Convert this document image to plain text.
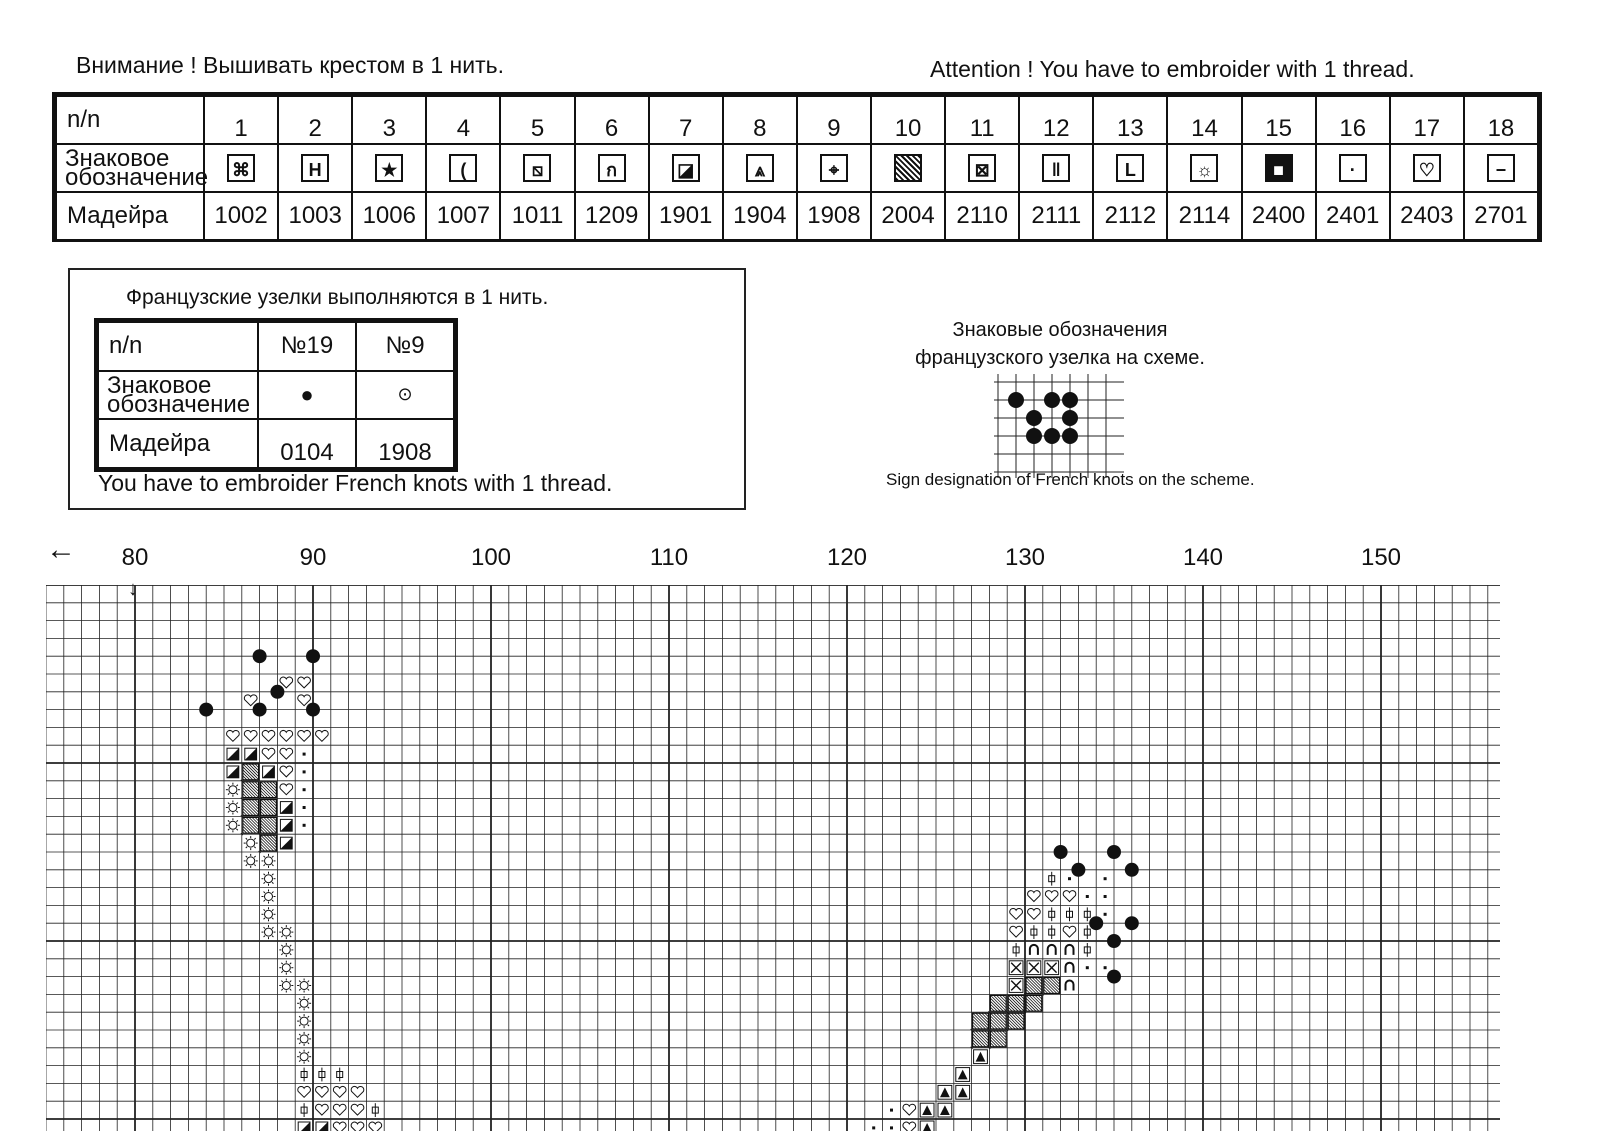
Внимание ! Вышивать крестом в 1 нить.	Attention ! You have to embroider with 1 thread.
n/n	1	2	3	4	5	6	7	8	9	10	11	12	13	14	15	16	17	18
Знаковое обозначение	⌘	H	★	(	⧅	ก	◪	⩓	⌖		⊠	‖	L	☼	■	·	♡	−
Мадейра	1002	1003	1006	1007	1011	1209	1901	1904	1908	2004	2110	2111	2112	2114	2400	2401	2403	2701
Французские узелки выполняются в 1 нить.
n/n	№19	№9
Знаковое обозначение	●	⊙
Мадейра	0104	1908
You have to embroider French knots with 1 thread.
Знаковые обозначения
французского узелка на схеме.
Sign designation of French knots on the scheme.
←
↓
80	90	100	110	120	130	140	150
